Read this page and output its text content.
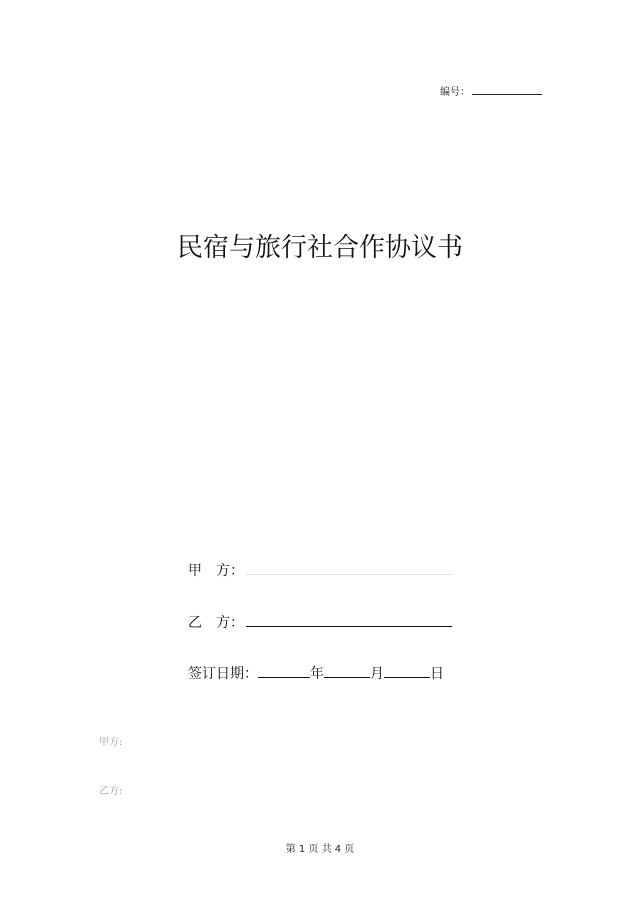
编号：
民宿与旅行社合作协议书
甲　方：
乙　方：
签订日期：	年	月	日
甲方:
乙方:
第 1 页 共 4 页
